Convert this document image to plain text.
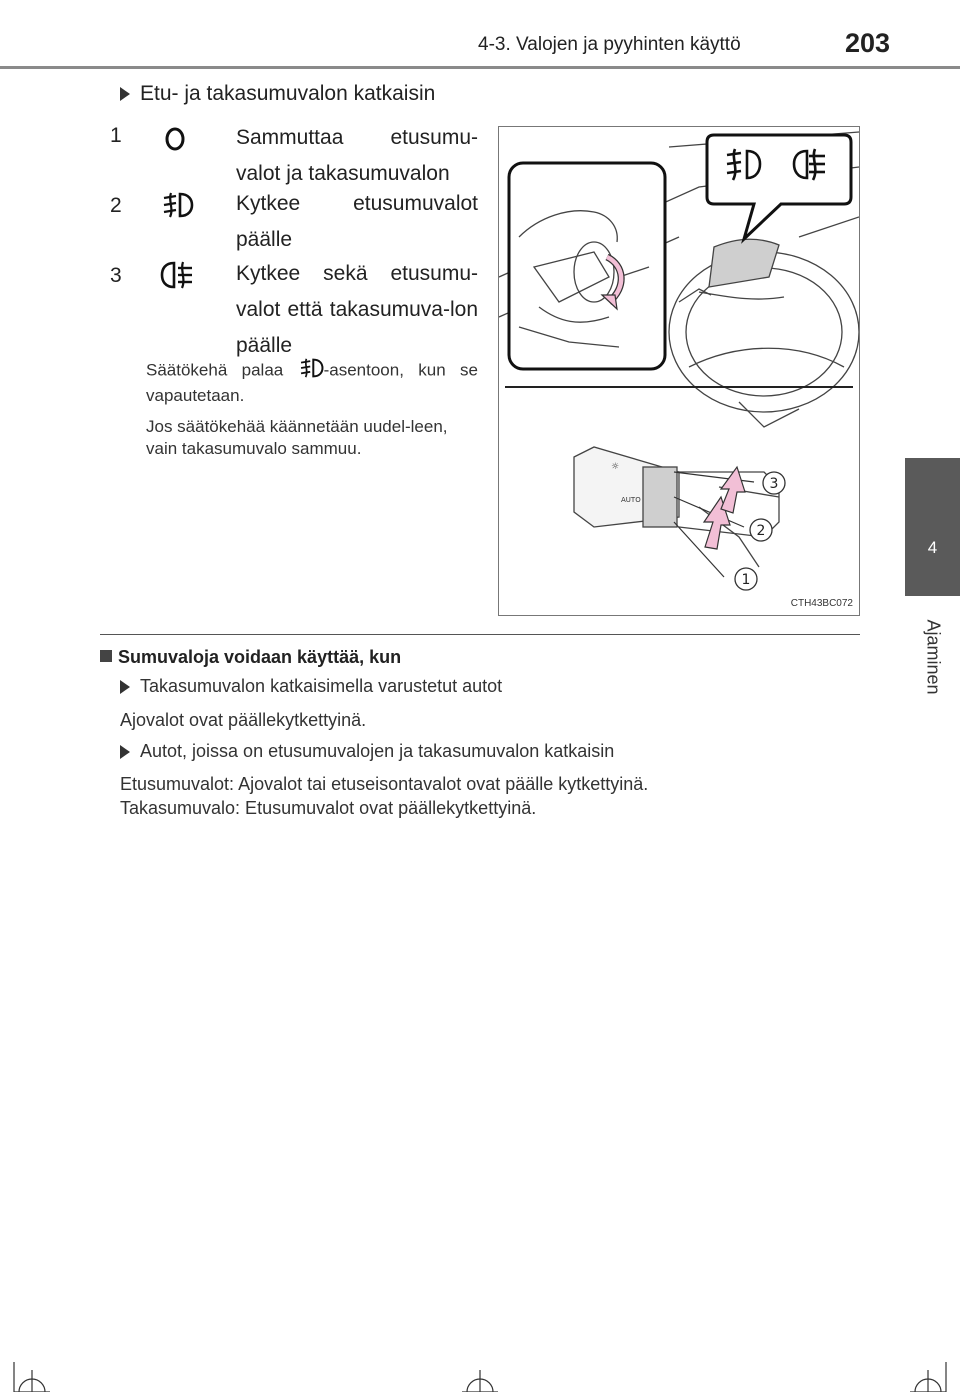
4-3. Valojen ja pyyhinten käyttö	203
4
Ajaminen
Etu- ja takasumuvalon katkaisin
1	Sammuttaa etusumu-valot ja takasumuvalon
2	Kytkee etusumuvalot päälle
3	Kytkee sekä etusumu-valot että takasumuva-lon päälle
Säätökehä palaa -asentoon, kun se vapautetaan.
Jos säätökehää käännetään uudel-leen, vain takasumuvalo sammuu.
☼
AUTO
3
2
1
CTH43BC072
Sumuvaloja voidaan käyttää, kun
Takasumuvalon katkaisimella varustetut autot
Ajovalot ovat päällekytkettyinä.
Autot, joissa on etusumuvalojen ja takasumuvalon katkaisin
Etusumuvalot: Ajovalot tai etuseisontavalot ovat päälle kytkettyinä.
Takasumuvalo: Etusumuvalot ovat päällekytkettyinä.
